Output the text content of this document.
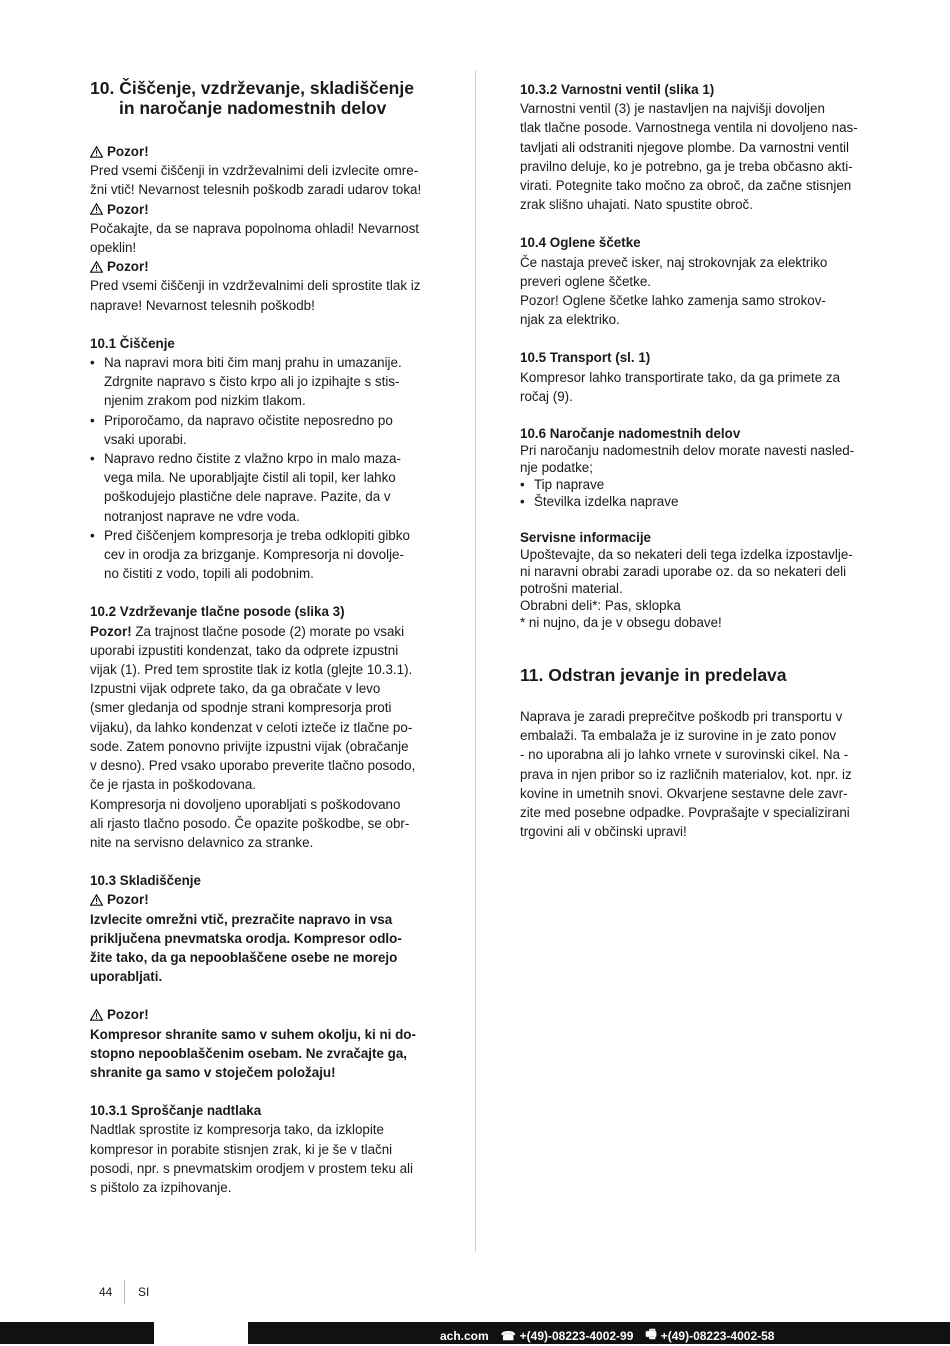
10. Čiščenje, vzdrževanje, skladiščenje
in naročanje nadomestnih delov
Pozor!

Pred vsemi čiščenji in vzdrževalnimi deli izvlecite omre-
žni vtič! Nevarnost telesnih poškodb zaradi udarov toka!

Pozor!

Počakajte, da se naprava popolnoma ohladi! Nevarnost
opeklin!

Pozor!

Pred vsemi čiščenji in vzdrževalnimi deli sprostite tlak iz
naprave! Nevarnost telesnih poškodb!

10.1 Čiščenje
• Na napravi mora biti čim manj prahu in umazanije.
Zdrgnite napravo s čisto krpo ali jo izpihajte s stis-
njenim zrakom pod nizkim tlakom.
• Priporočamo, da napravo očistite neposredno po
vsaki uporabi.
• Napravo redno čistite z vlažno krpo in malo maza-
vega mila. Ne uporabljajte čistil ali topil, ker lahko
poškodujejo plastične dele naprave. Pazite, da v
notranjost naprave ne vdre voda.
• Pred čiščenjem kompresorja je treba odklopiti gibko
cev in orodja za brizganje. Kompresorja ni dovolje-
no čistiti z vodo, topili ali podobnim.
10.2 Vzdrževanje tlačne posode (slika 3)

Pozor! Za trajnost tlačne posode (2) morate po vsaki
uporabi izpustiti kondenzat, tako da odprete izpustni
vijak (1). Pred tem sprostite tlak iz kotla (glejte 10.3.1).
Izpustni vijak odprete tako, da ga obračate v levo
(smer gledanja od spodnje strani kompresorja proti
vijaku), da lahko kondenzat v celoti izteče iz tlačne po-
sode. Zatem ponovno privijte izpustni vijak (obračanje
v desno). Pred vsako uporabo preverite tlačno posodo,
če je rjasta in poškodovana.
Kompresorja ni dovoljeno uporabljati s poškodovano
ali rjasto tlačno posodo. Če opazite poškodbe, se obr-
nite na servisno delavnico za stranke.

10.3 Skladiščenje
Pozor!

Izvlecite omrežni vtič, prezračite napravo in vsa
priključena pnevmatska orodja. Kompresor odlo-
žite tako, da ga nepooblaščene osebe ne morejo
uporabljati.

Pozor!

Kompresor shranite samo v suhem okolju, ki ni do-
stopno nepooblaščenim osebam. Ne zvračajte ga,
shranite ga samo v stoječem položaju!

10.3.1 Sproščanje nadtlaka

Nadtlak sprostite iz kompresorja tako, da izklopite
kompresor in porabite stisnjen zrak, ki je še v tlačni
posodi, npr. s pnevmatskim orodjem v prostem teku ali
s pištolo za izpihovanje.

10.3.2 Varnostni ventil (slika 1)

Varnostni ventil (3) je nastavljen na najvišji dovoljen
tlak tlačne posode. Varnostnega ventila ni dovoljeno nas-
tavljati ali odstraniti njegove plombe. Da varnostni ventil
pravilno deluje, ko je potrebno, ga je treba občasno akti-
virati. Potegnite tako močno za obroč, da začne stisnjen
zrak slišno uhajati. Nato spustite obroč.

10.4 Oglene ščetke

Če nastaja preveč isker, naj strokovnjak za elektriko
preveri oglene ščetke.
Pozor! Oglene ščetke lahko zamenja samo strokov-
njak za elektriko.

10.5 Transport (sl. 1)

Kompresor lahko transportirate tako, da ga primete za
ročaj (9).

10.6 Naročanje nadomestnih delov

Pri naročanju nadomestnih delov morate navesti nasled-
nje podatke;

• Tip naprave
• Številka izdelka naprave
Servisne informacije

Upoštevajte, da so nekateri deli tega izdelka izpostavlje-
ni naravni obrabi zaradi uporabe oz. da so nekateri deli
potrošni material.
Obrabni deli*: Pas, sklopka
* ni nujno, da je v obsegu dobave!

11. Odstran jevanje in predelava

Naprava je zaradi preprečitve poškodb pri transportu v
embalaži. Ta embalaža je iz surovine in je zato ponov
- no uporabna ali jo lahko vrnete v surovinski cikel. Na -
prava in njen pribor so iz različnih materialov, kot. npr. iz
kovine in umetnih snovi. Okvarjene sestavne dele zavr-
zite med posebne odpadke. Povprašajte v specializirani
trgovini ali v občinski upravi!

44 SI
ach.com ☎ +(49)-08223-4002-99 🖷 +(49)-08223-4002-58
